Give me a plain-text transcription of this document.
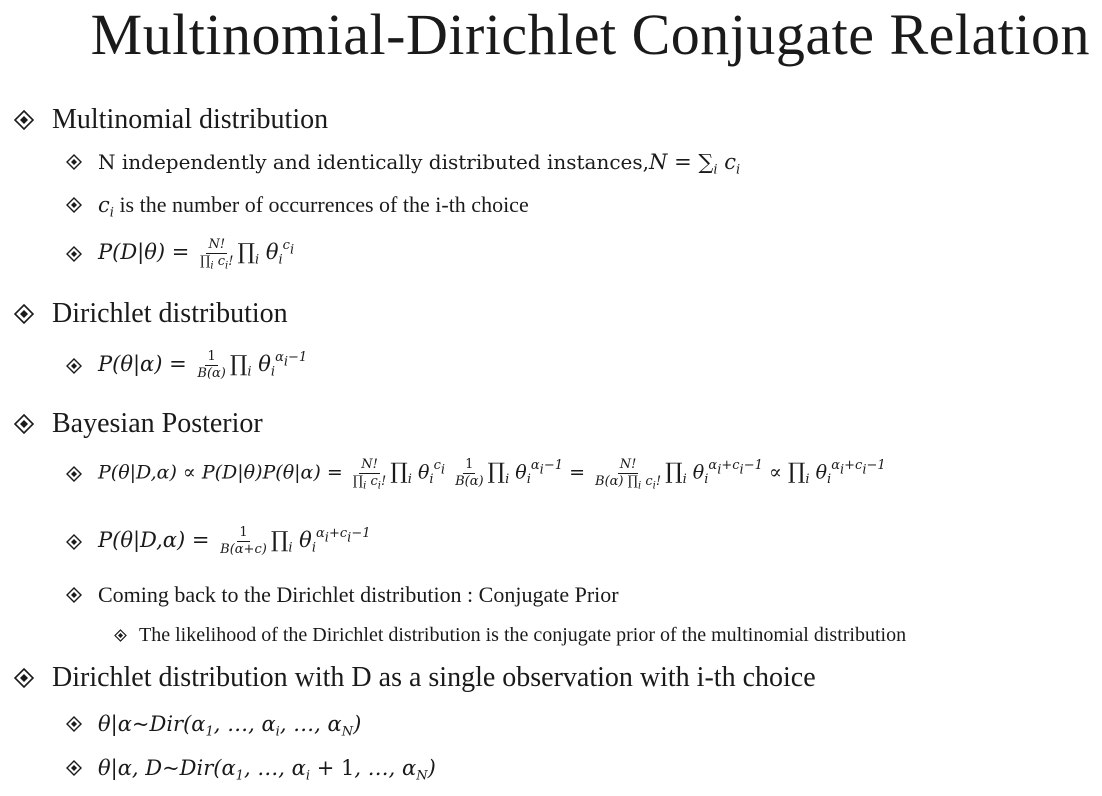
Multinomial-Dirichlet Conjugate Relation
Multinomial distribution
N independently and identically distributed instances, $N = \sum_i$ $c_i$
$c_i$ is the number of occurrences of the i-th choice
$P(D|\theta) = \frac{N!}{\prod_i c_i!}$ $\prod_i$ $\theta_i^{c_i}$
Dirichlet distribution
$P(\theta|\alpha) = \frac{1}{B(\alpha)}$ $\prod_i$ $\theta_i^{\alpha_i-1}$
Bayesian Posterior
$P(\theta|D,\alpha) \propto P(D|\theta)P(\theta|\alpha) = \frac{N!}{\prod_i c_i!}$ $\prod_i$ $\theta_i^{c_i} \frac{1}{B(\alpha)}$ $\prod_i$ $\theta_i^{\alpha_i-1} = \frac{N!}{B(\alpha) \prod_i c_i!}$ $\prod_i$ $\theta_i^{\alpha_i+c_i-1}$ ∝ $\prod_i$ $\theta_i^{\alpha_i+c_i-1}$
$P(\theta|D,\alpha) = \frac{1}{B(\alpha+c)}$ $\prod_i$ $\theta_i^{\alpha_i+c_i-1}$
Coming back to the Dirichlet distribution : Conjugate Prior
The likelihood of the Dirichlet distribution is the conjugate prior of the multinomial distribution
Dirichlet distribution with D as a single observation with i-th choice
$\theta|\alpha\sim Dir(\alpha_1$, …, $\alpha_i$, …, $\alpha_N$)
θ|α, $D\sim Dir(\alpha_1$, …, $\alpha_i + 1$, …, $\alpha_N$)
